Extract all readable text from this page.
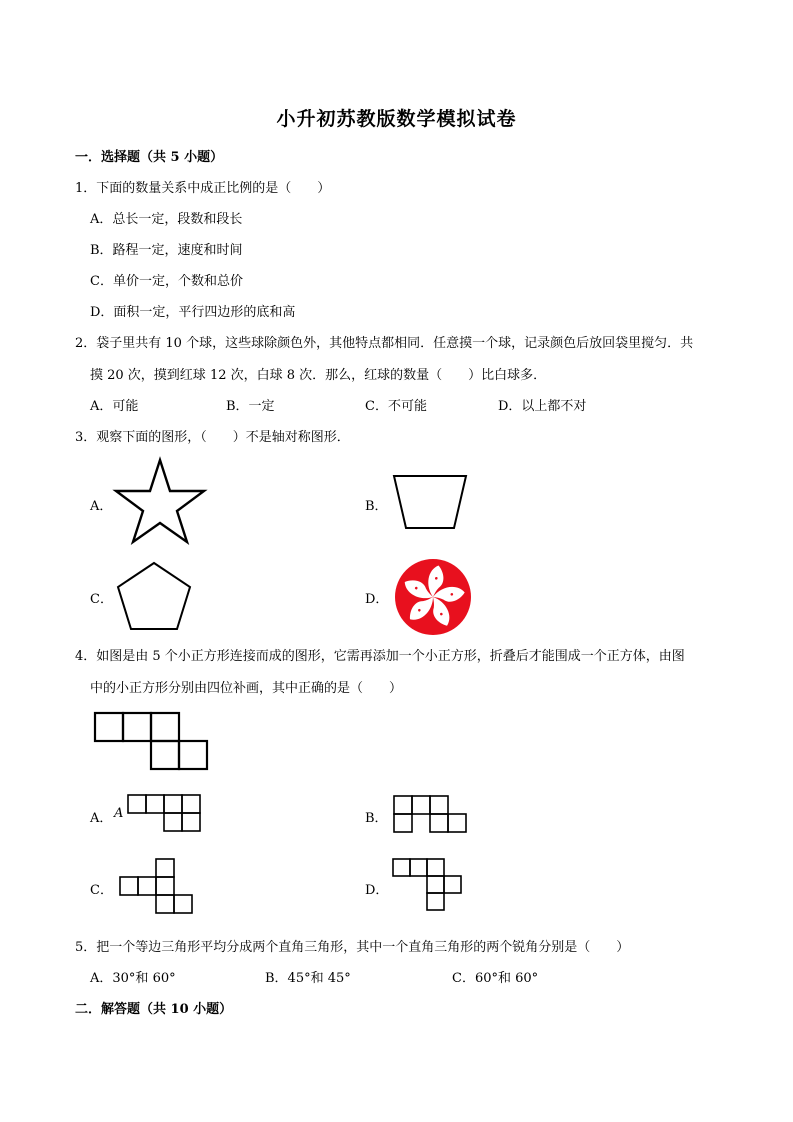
小升初苏教版数学模拟试卷
一．选择题（共 5 小题）
1．下面的数量关系中成正比例的是（　　）
A．总长一定，段数和段长
B．路程一定，速度和时间
C．单价一定，个数和总价
D．面积一定，平行四边形的底和高
2．袋子里共有 10 个球，这些球除颜色外，其他特点都相同．任意摸一个球，记录颜色后放回袋里搅匀．共
摸 20 次，摸到红球 12 次，白球 8 次．那么，红球的数量（　　）比白球多．
A．可能	B．一定	C．不可能	D．以上都不对
3．观察下面的图形，（　　）不是轴对称图形．
A．	B．
C．	D．
4．如图是由 5 个小正方形连接而成的图形，它需再添加一个小正方形，折叠后才能围成一个正方体，由图
中的小正方形分别由四位补画，其中正确的是（　　）
A． A	B．
C．	D．
5．把一个等边三角形平均分成两个直角三角形，其中一个直角三角形的两个锐角分别是（　　）
A．30°和 60°	B．45°和 45°	C．60°和 60°
二．解答题（共 10 小题）
